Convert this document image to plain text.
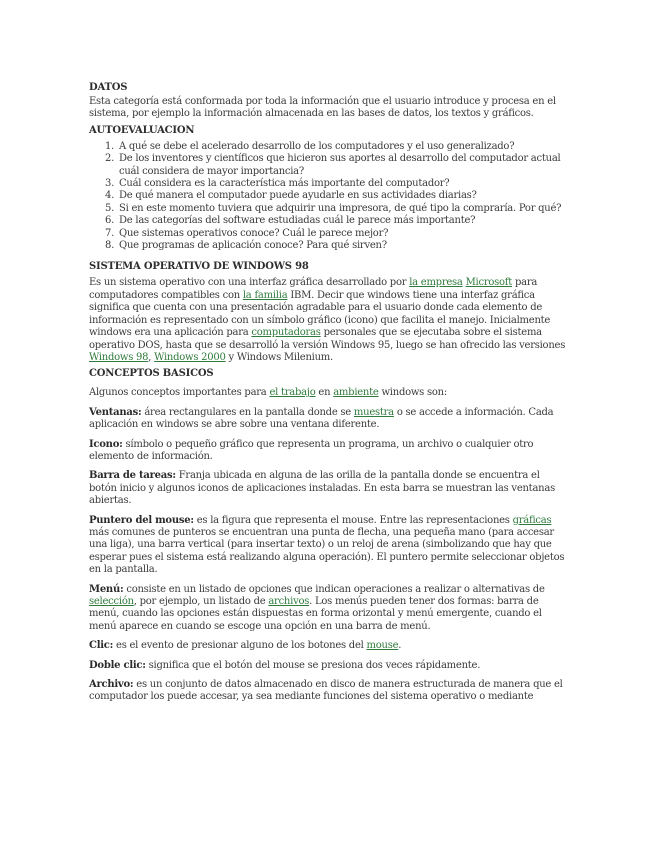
DATOS

Esta categoría está conformada por toda la información que el usuario introduce y procesa en el sistema, por ejemplo la información almacenada en las bases de datos, los textos y gráficos.

AUTOEVALUACION
1. A qué se debe el acelerado desarrollo de los computadores y el uso generalizado?
2. De los inventores y científicos que hicieron sus aportes al desarrollo del computador actual cuál considera de mayor importancia?
3. Cuál considera es la característica más importante del computador?
4. De qué manera el computador puede ayudarle en sus actividades diarias?
5. Si en este momento tuviera que adquirir una impresora, de qué tipo la compraría. Por qué?
6. De las categorías del software estudiadas cuál le parece más importante?
7. Que sistemas operativos conoce? Cuál le parece mejor?
8. Que programas de aplicación conoce? Para qué sirven?
SISTEMA OPERATIVO DE WINDOWS 98

Es un sistema operativo con una interfaz gráfica desarrollado por la empresa Microsoft para computadores compatibles con la familia IBM. Decir que windows tiene una interfaz gráfica significa que cuenta con una presentación agradable para el usuario donde cada elemento de información es representado con un símbolo gráfico (icono) que facilita el manejo. Inicialmente windows era una aplicación para computadoras personales que se ejecutaba sobre el sistema operativo DOS, hasta que se desarrolló la versión Windows 95, luego se han ofrecido las versiones Windows 98, Windows 2000 y Windows Milenium.

CONCEPTOS BASICOS

Algunos conceptos importantes para el trabajo en ambiente windows son:

Ventanas: área rectangulares en la pantalla donde se muestra o se accede a información. Cada aplicación en windows se abre sobre una ventana diferente.

Icono: símbolo o pequeño gráfico que representa un programa, un archivo o cualquier otro elemento de información.

Barra de tareas: Franja ubicada en alguna de las orilla de la pantalla donde se encuentra el botón inicio y algunos iconos de aplicaciones instaladas. En esta barra se muestran las ventanas abiertas.

Puntero del mouse: es la figura que representa el mouse. Entre las representaciones gráficas más comunes de punteros se encuentran una punta de flecha, una pequeña mano (para accesar una liga), una barra vertical (para insertar texto) o un reloj de arena (simbolizando que hay que esperar pues el sistema está realizando alguna operación). El puntero permite seleccionar objetos en la pantalla.

Menú: consiste en un listado de opciones que indican operaciones a realizar o alternativas de selección, por ejemplo, un listado de archivos. Los menús pueden tener dos formas: barra de menú, cuando las opciones están dispuestas en forma orizontal y menú emergente, cuando el menú aparece en cuando se escoge una opción en una barra de menú.

Clic: es el evento de presionar alguno de los botones del mouse.

Doble clic: significa que el botón del mouse se presiona dos veces rápidamente.

Archivo: es un conjunto de datos almacenado en disco de manera estructurada de manera que el computador los puede accesar, ya sea mediante funciones del sistema operativo o mediante
